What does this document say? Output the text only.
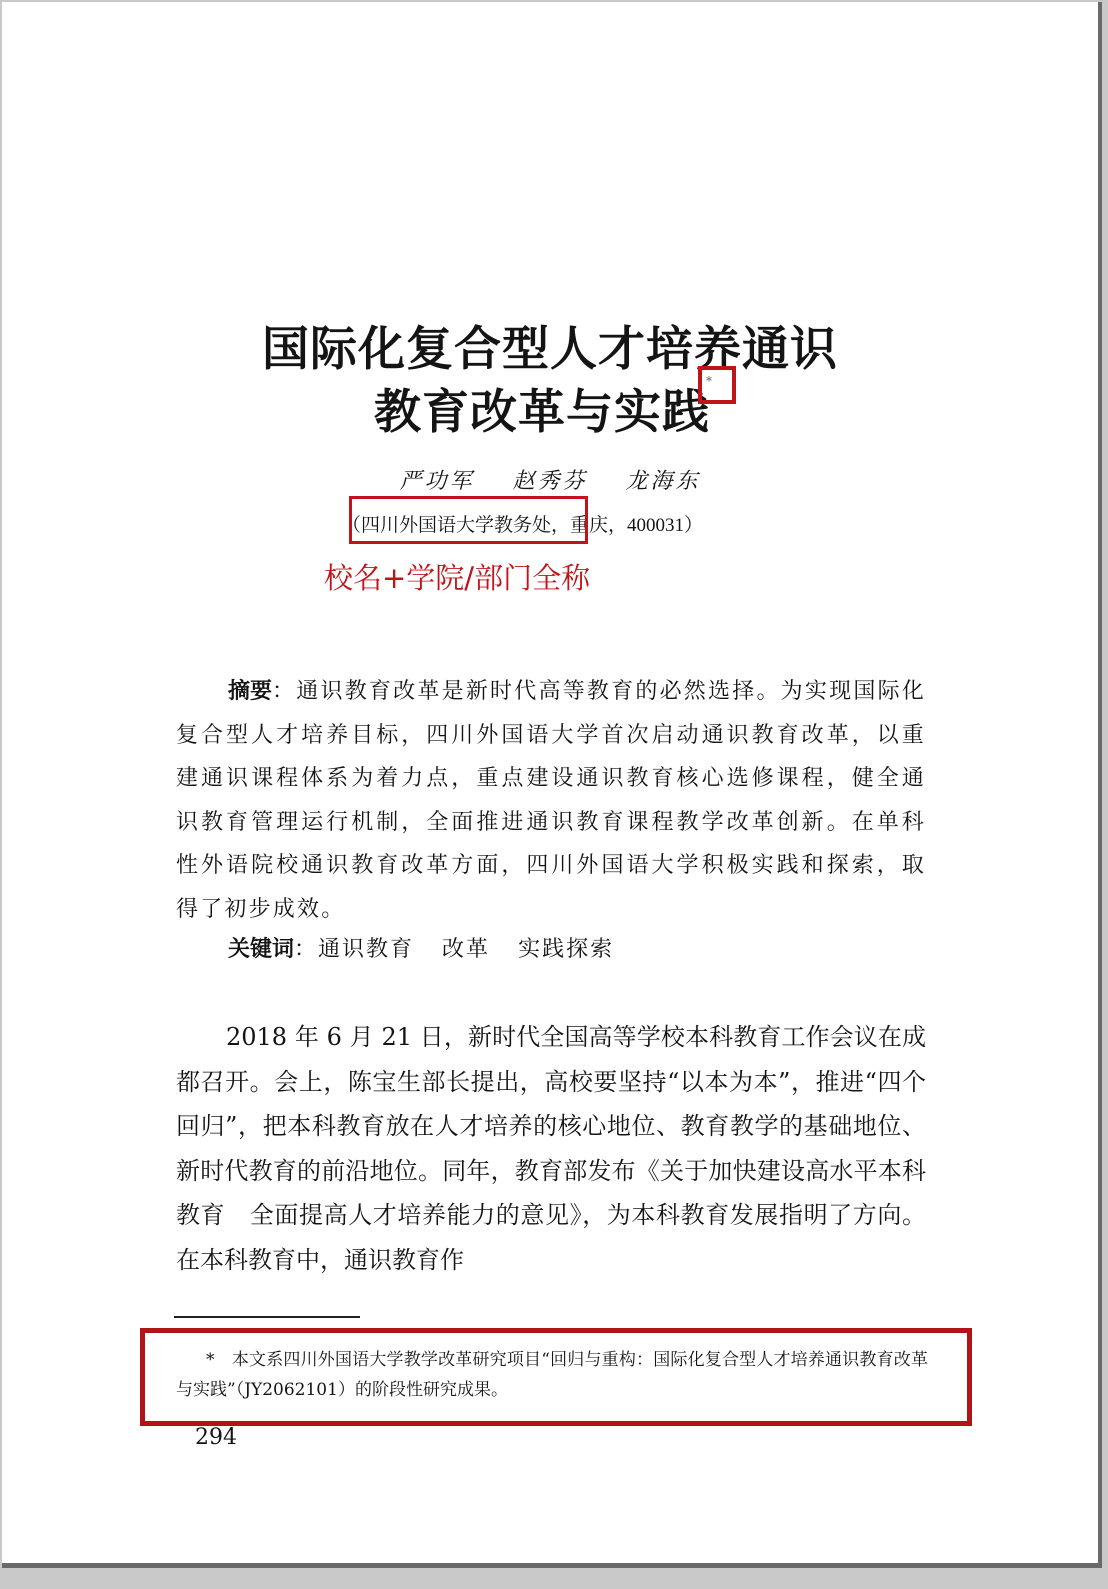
国际化复合型人才培养通识
教育改革与实践
*
严功军 赵秀芬 龙海东
（四川外国语大学教务处，重庆，400031）
校名+学院/部门全称

摘要：通识教育改革是新时代高等教育的必然选择。为实现国际化复合型人才培养目标，四川外国语大学首次启动通识教育改革，以重建通识课程体系为着力点，重点建设通识教育核心选修课程，健全通识教育管理运行机制，全面推进通识教育课程教学改革创新。在单科性外语院校通识教育改革方面，四川外国语大学积极实践和探索，取得了初步成效。

关键词：通识教育 改革 实践探索

2018 年 6 月 21 日，新时代全国高等学校本科教育工作会议在成都召开。会上，陈宝生部长提出，高校要坚持“以本为本”，推进“四个回归”，把本科教育放在人才培养的核心地位、教育教学的基础地位、新时代教育的前沿地位。同年，教育部发布《关于加快建设高水平本科教育　全面提高人才培养能力的意见》，为本科教育发展指明了方向。在本科教育中，通识教育作

*　本文系四川外国语大学教学改革研究项目“回归与重构：国际化复合型人才培养通识教育改革与实践”（JY2062101）的阶段性研究成果。

294
